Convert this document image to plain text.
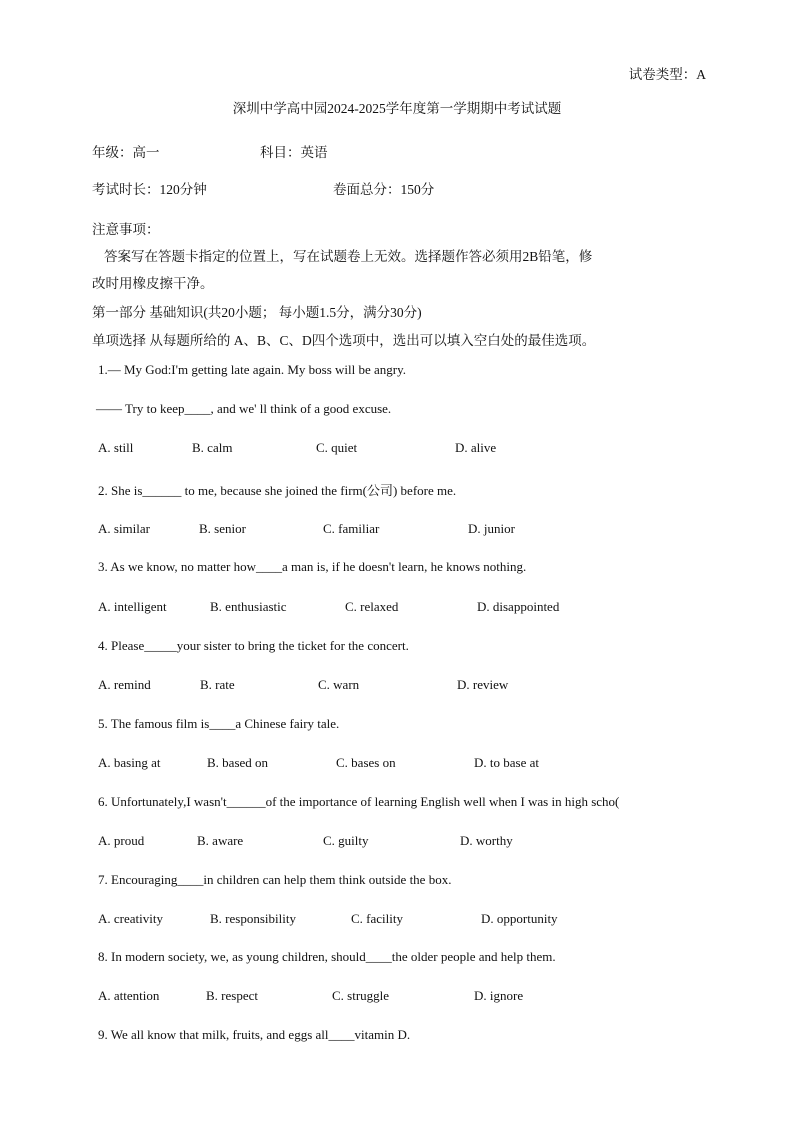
试卷类型：A
深圳中学高中园2024-2025学年度第一学期期中考试试题
年级：高一	科目：英语
考试时长：120分钟	卷面总分：150分
注意事项：
答案写在答题卡指定的位置上，写在试题卷上无效。选择题作答必须用2B铅笔，修
改时用橡皮擦干净。
第一部分 基础知识(共20小题； 每小题1.5分，满分30分)
单项选择 从每题所给的 A、B、C、D四个选项中，选出可以填入空白处的最佳选项。
1.— My God:I'm getting late again. My boss will be angry.
—— Try to keep____, and we' ll think of a good excuse.
A. still	B. calm	C. quiet	D. alive
2. She is______ to me, because she joined the firm(公司) before me.
A. similar	B. senior	C. familiar	D. junior
3. As we know, no matter how____a man is, if he doesn't learn, he knows nothing.
A. intelligent	B. enthusiastic	C. relaxed	D. disappointed
4. Please_____your sister to bring the ticket for the concert.
A. remind	B. rate	C. warn	D. review
5. The famous film is____a Chinese fairy tale.
A. basing at	B. based on	C. bases on	D. to base at
6. Unfortunately,I wasn't______of the importance of learning English well when I was in high scho(
A. proud	B. aware	C. guilty	D. worthy
7. Encouraging____in children can help them think outside the box.
A. creativity	B. responsibility	C. facility	D. opportunity
8. In modern society, we, as young children, should____the older people and help them.
A. attention	B. respect	C. struggle	D. ignore
9. We all know that milk, fruits, and eggs all____vitamin D.
